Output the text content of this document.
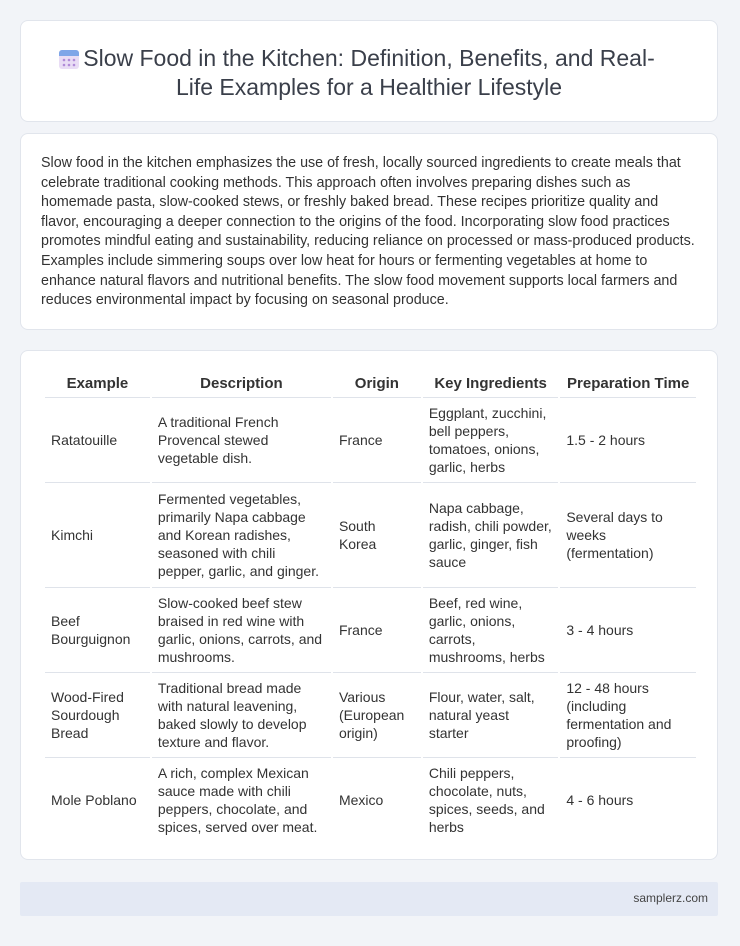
Slow Food in the Kitchen: Definition, Benefits, and Real-Life Examples for a Healthier Lifestyle

Slow food in the kitchen emphasizes the use of fresh, locally sourced ingredients to create meals that celebrate traditional cooking methods. This approach often involves preparing dishes such as homemade pasta, slow-cooked stews, or freshly baked bread. These recipes prioritize quality and flavor, encouraging a deeper connection to the origins of the food. Incorporating slow food practices promotes mindful eating and sustainability, reducing reliance on processed or mass-produced products. Examples include simmering soups over low heat for hours or fermenting vegetables at home to enhance natural flavors and nutritional benefits. The slow food movement supports local farmers and reduces environmental impact by focusing on seasonal produce.

Example	Description	Origin	Key Ingredients	Preparation Time
Ratatouille	A traditional French Provencal stewed vegetable dish.	France	Eggplant, zucchini, bell peppers, tomatoes, onions, garlic, herbs	1.5 - 2 hours
Kimchi	Fermented vegetables, primarily Napa cabbage and Korean radishes, seasoned with chili pepper, garlic, and ginger.	South Korea	Napa cabbage, radish, chili powder, garlic, ginger, fish sauce	Several days to weeks (fermentation)
Beef Bourguignon	Slow-cooked beef stew braised in red wine with garlic, onions, carrots, and mushrooms.	France	Beef, red wine, garlic, onions, carrots, mushrooms, herbs	3 - 4 hours
Wood-Fired Sourdough Bread	Traditional bread made with natural leavening, baked slowly to develop texture and flavor.	Various (European origin)	Flour, water, salt, natural yeast starter	12 - 48 hours (including fermentation and proofing)
Mole Poblano	A rich, complex Mexican sauce made with chili peppers, chocolate, and spices, served over meat.	Mexico	Chili peppers, chocolate, nuts, spices, seeds, and herbs	4 - 6 hours
samplerz.com
